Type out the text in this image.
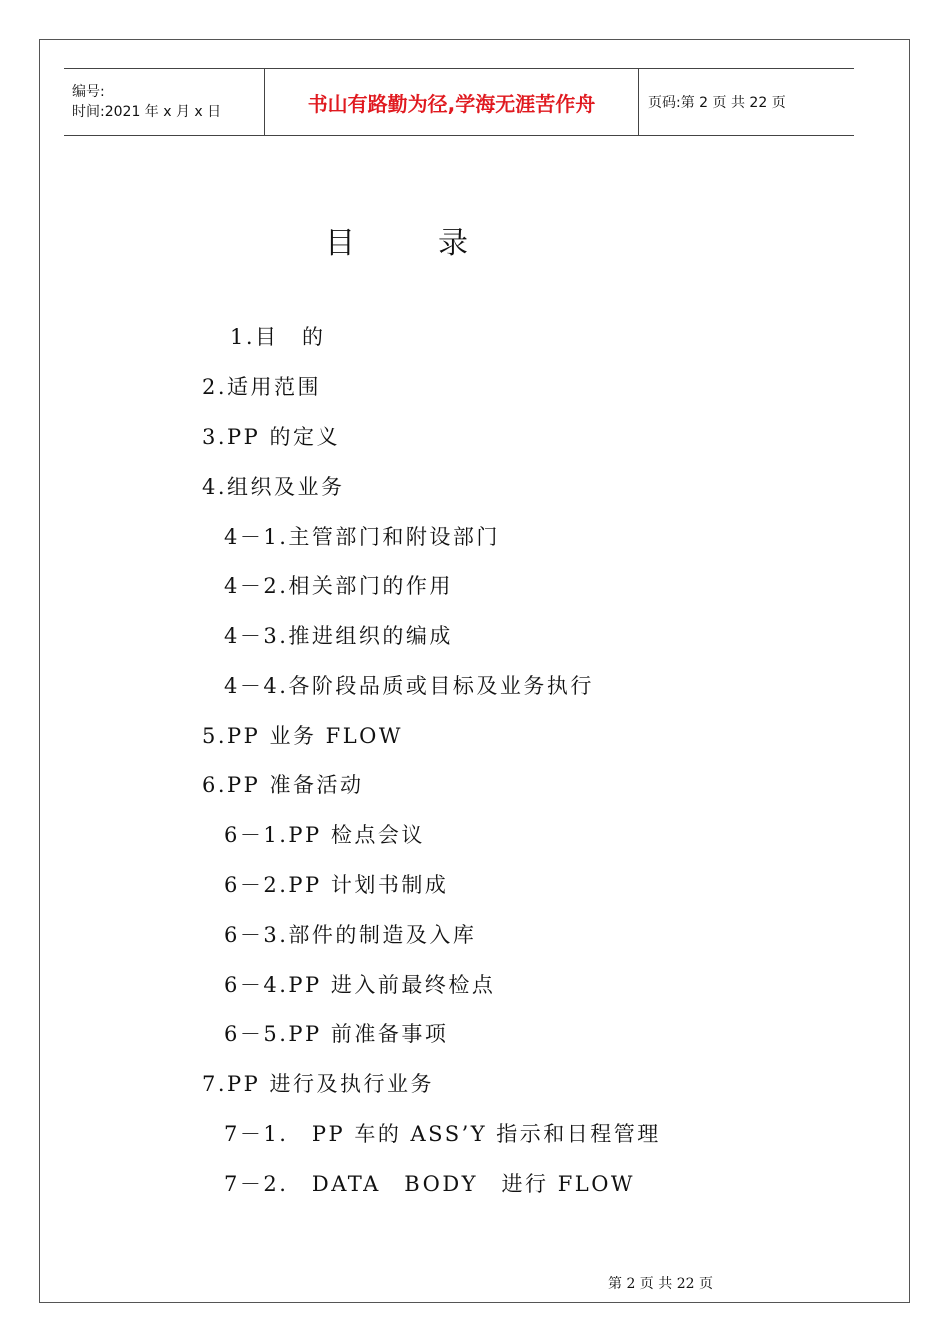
编号:
时间:2021 年 x 月 x 日	书山有路勤为径,学海无涯苦作舟	页码:第 2 页 共 22 页
目	录
1.目　的
2.适用范围
3.PP 的定义
4.组织及业务
4－1.主管部门和附设部门
4－2.相关部门的作用
4－3.推进组织的编成
4－4.各阶段品质或目标及业务执行
5.PP 业务 FLOW
6.PP 准备活动
6－1.PP 检点会议
6－2.PP 计划书制成
6－3.部件的制造及入库
6－4.PP 进入前最终检点
6－5.PP 前准备事项
7.PP 进行及执行业务
7－1.　PP 车的 ASS’Y 指示和日程管理
7－2.　DATA　BODY　进行 FLOW

第 2 页 共 22 页
